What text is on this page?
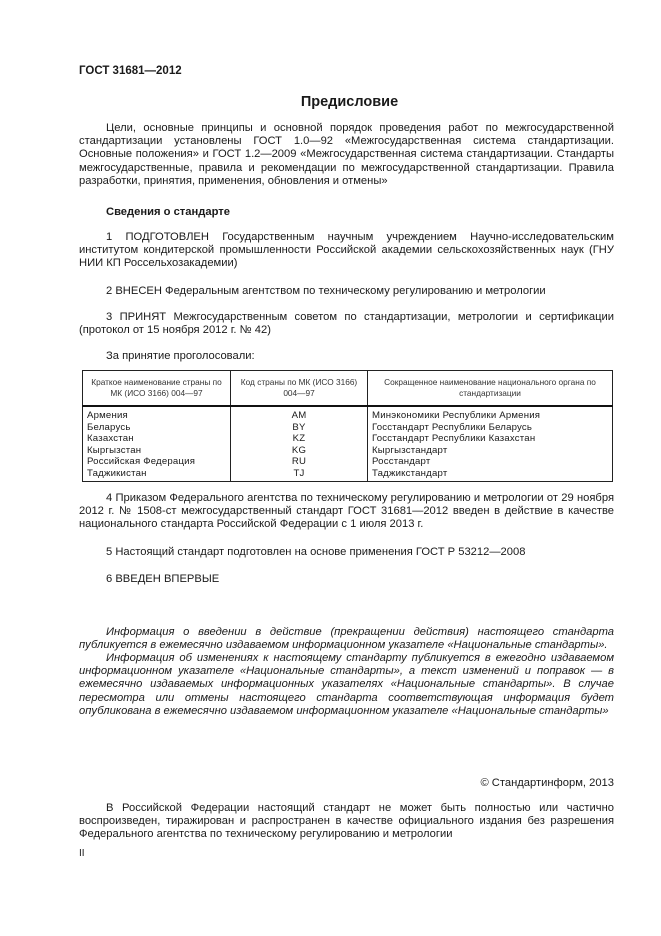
ГОСТ 31681—2012
Предисловие
Цели, основные принципы и основной порядок проведения работ по межгосударственной стандартизации установлены ГОСТ 1.0—92 «Межгосударственная система стандартизации. Основные положения» и ГОСТ 1.2—2009 «Межгосударственная система стандартизации. Стандарты межгосударственные, правила и рекомендации по межгосударственной стандартизации. Правила разработки, принятия, применения, обновления и отмены»
Сведения о стандарте
1 ПОДГОТОВЛЕН Государственным научным учреждением Научно-исследовательским институтом кондитерской промышленности Российской академии сельскохозяйственных наук (ГНУ НИИ КП Россельхозакадемии)
2 ВНЕСЕН Федеральным агентством по техническому регулированию и метрологии
3 ПРИНЯТ Межгосударственным советом по стандартизации, метрологии и сертификации (протокол от 15 ноября 2012 г. № 42)
За принятие проголосовали:
Краткое наименование страны по МК (ИСО 3166) 004—97	Код страны по МК (ИСО 3166) 004—97	Сокращенное наименование национального органа по стандартизации
Армения	AM	Минэкономики Республики Армения
Беларусь	BY	Госстандарт Республики Беларусь
Казахстан	KZ	Госстандарт Республики Казахстан
Кыргызстан	KG	Кыргызстандарт
Российская Федерация	RU	Росстандарт
Таджикистан	TJ	Таджикстандарт
4 Приказом Федерального агентства по техническому регулированию и метрологии от 29 ноября 2012 г. № 1508-ст межгосударственный стандарт ГОСТ 31681—2012 введен в действие в качестве национального стандарта Российской Федерации с 1 июля 2013 г.
5 Настоящий стандарт подготовлен на основе применения ГОСТ Р 53212—2008
6 ВВЕДЕН ВПЕРВЫЕ
Информация о введении в действие (прекращении действия) настоящего стандарта публикуется в ежемесячно издаваемом информационном указателе «Национальные стандарты».
Информация об изменениях к настоящему стандарту публикуется в ежегодно издаваемом информационном указателе «Национальные стандарты», а текст изменений и поправок — в ежемесячно издаваемых информационных указателях «Национальные стандарты». В случае пересмотра или отмены настоящего стандарта соответствующая информация будет опубликована в ежемесячно издаваемом информационном указателе «Национальные стандарты»
© Стандартинформ, 2013
В Российской Федерации настоящий стандарт не может быть полностью или частично воспроизведен, тиражирован и распространен в качестве официального издания без разрешения Федерального агентства по техническому регулированию и метрологии
II
